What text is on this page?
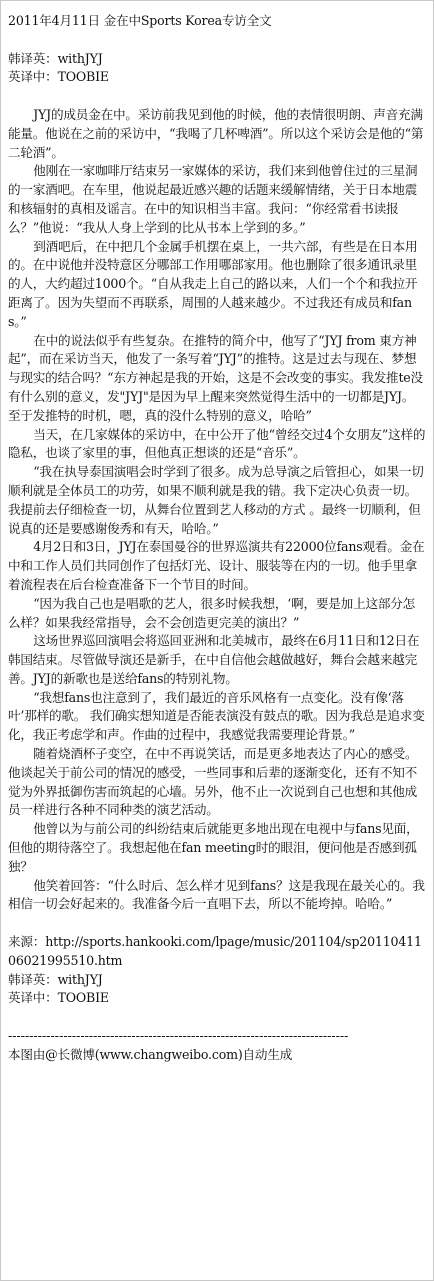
2011年4月11日 金在中Sports Korea专访全文
韩译英：withJYJ
英译中：TOOBIE
JYJ的成员金在中。采访前我见到他的时候，他的表情很明朗、声音充满能量。他说在之前的采访中，“我喝了几杯啤酒”。所以这个采访会是他的“第二轮酒”。
他刚在一家咖啡厅结束另一家媒体的采访，我们来到他曾住过的三星洞的一家酒吧。在车里，他说起最近感兴趣的话题来缓解情绪，关于日本地震和核辐射的真相及谣言。在中的知识相当丰富。我问：“你经常看书读报么？”他说：“我从人身上学到的比从书本上学到的多。”
到酒吧后，在中把几个金属手机摆在桌上，一共六部，有些是在日本用的。在中说他并没特意区分哪部工作用哪部家用。他也删除了很多通讯录里的人，大约超过1000个。“自从我走上自己的路以来，人们一个个和我拉开距离了。因为失望而不再联系，周围的人越来越少。不过我还有成员和fans。”
在中的说法似乎有些复杂。在推特的简介中，他写了“JYJ from 東方神起”，而在采访当天，他发了一条写着“JYJ”的推特。这是过去与现在、梦想与现实的结合吗？“东方神起是我的开始，这是不会改变的事实。我发推te没有什么别的意义，发"JYJ"是因为早上醒来突然觉得生活中的一切都是JYJ。至于发推特的时机，嗯，真的没什么特别的意义，哈哈”
当天，在几家媒体的采访中，在中公开了他“曾经交过4个女朋友”这样的隐私，也谈了家里的事，但他真正想谈的还是“音乐”。
“我在执导泰国演唱会时学到了很多。成为总导演之后管担心，如果一切顺利就是全体员工的功劳，如果不顺利就是我的错。我下定决心负责一切。我提前去仔细检查一切，从舞台位置到艺人移动的方式 。最终一切顺利，但说真的还是要感谢俊秀和有天，哈哈。”
4月2日和3日，JYJ在泰国曼谷的世界巡演共有22000位fans观看。金在中和工作人员们共同创作了包括灯光、设计、服装等在内的一切。他手里拿着流程表在后台检查准备下一个节目的时间。
“因为我自己也是唱歌的艺人，很多时候我想，‘啊，要是加上这部分怎么样？如果我经常指导，会不会创造更完美的演出？”
这场世界巡回演唱会将巡回亚洲和北美城市，最终在6月11日和12日在韩国结束。尽管做导演还是新手，在中自信他会越做越好，舞台会越来越完善。JYJ的新歌也是送给fans的特别礼物。
“我想fans也注意到了，我们最近的音乐风格有一点变化。没有像‘落叶’那样的歌。 我们确实想知道是否能表演没有鼓点的歌。因为我总是追求变化，我正考虑学和声。作曲的过程中，我感觉我需要理论背景。”
随着烧酒杯子变空，在中不再说笑话，而是更多地表达了内心的感受。他谈起关于前公司的情况的感受，一些同事和后辈的逐渐变化，还有不知不觉为外界抵御伤害而筑起的心墙。另外，他不止一次说到自己也想和其他成员一样进行各种不同种类的演艺活动。
他曾以为与前公司的纠纷结束后就能更多地出现在电视中与fans见面，但他的期待落空了。我想起他在fan meeting时的眼泪，便问他是否感到孤独？
他笑着回答：“什么时后、怎么样才见到fans？这是我现在最关心的。我相信一切会好起来的。我准备今后一直唱下去，所以不能垮掉。哈哈。”
来源：http://sports.hankooki.com/lpage/music/201104/sp2011041106021995510.htm
韩译英：withJYJ
英译中：TOOBIE
--------------------------------------------------------------------------------
本图由@长微博(www.changweibo.com)自动生成
